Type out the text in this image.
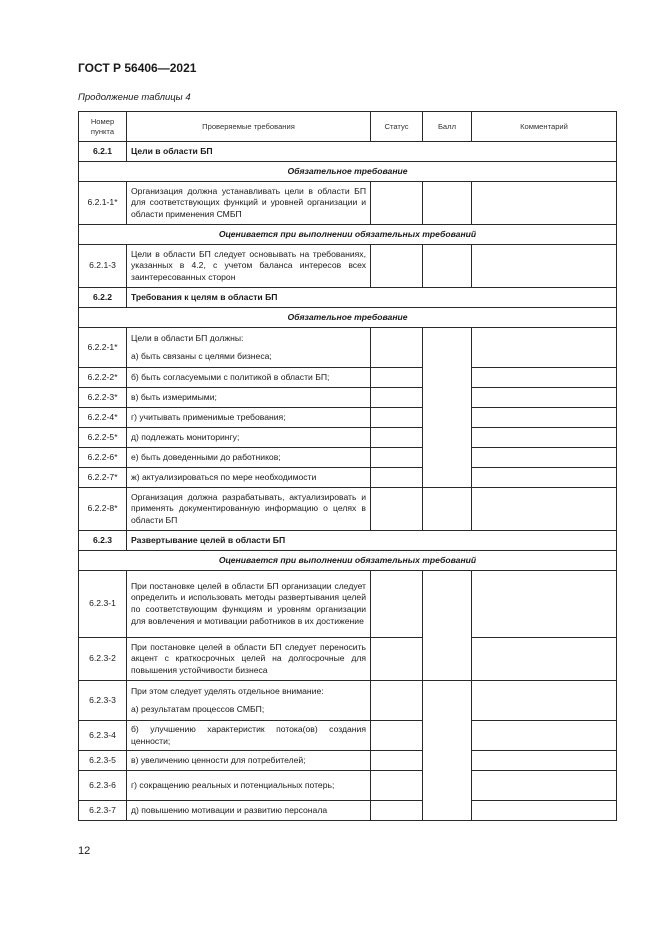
ГОСТ Р 56406—2021
Продолжение таблицы 4
Номер пункта	Проверяемые требования	Статус	Балл	Комментарий
6.2.1	Цели в области БП			
Обязательное требование				
6.2.1-1*	Организация должна устанавливать цели в области БП для соответствующих функций и уровней организации и области применения СМБП			
Оценивается при выполнении обязательных требований				
6.2.1-3	Цели в области БП следует основывать на требованиях, указанных в 4.2, с учетом баланса интересов всех заинтересованных сторон			
6.2.2	Требования к целям в области БП			
Обязательное требование				
6.2.2-1*	Цели в области БП должны:
а) быть связаны с целями бизнеса;			
6.2.2-2*	б) быть согласуемыми с политикой в области БП;			
6.2.2-3*	в) быть измеримыми;			
6.2.2-4*	г) учитывать применимые требования;			
6.2.2-5*	д) подлежать мониторингу;			
6.2.2-6*	е) быть доведенными до работников;			
6.2.2-7*	ж) актуализироваться по мере необходимости			
6.2.2-8*	Организация должна разрабатывать, актуализировать и применять документированную информацию о целях в области БП			
6.2.3	Развертывание целей в области БП			
Оценивается при выполнении обязательных требований				
6.2.3-1	При постановке целей в области БП организации следует определить и использовать методы развертывания целей по соответствующим функциям и уровням организации для вовлечения и мотивации работников в их достижение			
6.2.3-2	При постановке целей в области БП следует переносить акцент с краткосрочных целей на долгосрочные для повышения устойчивости бизнеса			
6.2.3-3	При этом следует уделять отдельное внимание:
а) результатам процессов СМБП;			
6.2.3-4	б) улучшению характеристик потока(ов) создания ценности;			
6.2.3-5	в) увеличению ценности для потребителей;			
6.2.3-6	г) сокращению реальных и потенциальных потерь;			
6.2.3-7	д) повышению мотивации и развитию персонала			
12
